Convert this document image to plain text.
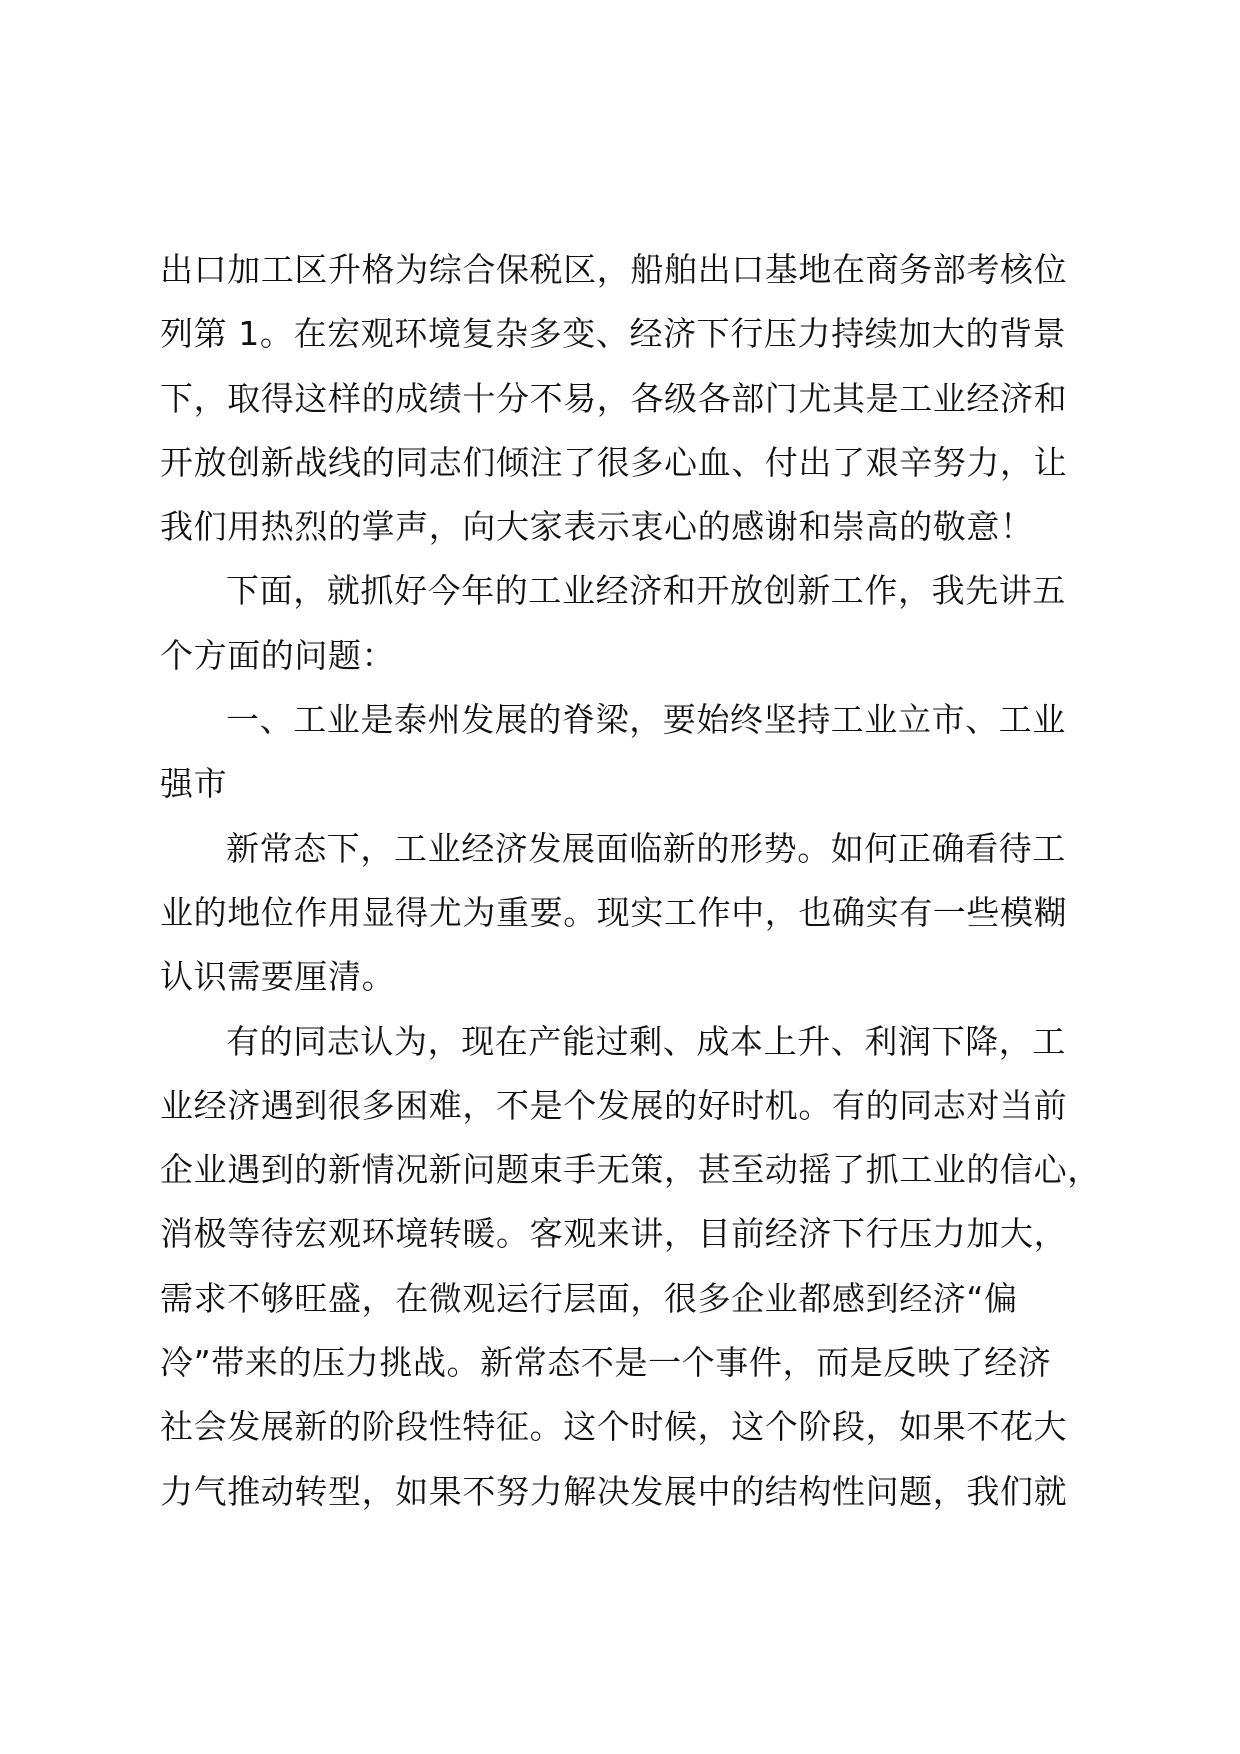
出口加工区升格为综合保税区，船舶出口基地在商务部考核位
列第 1。在宏观环境复杂多变、经济下行压力持续加大的背景
下，取得这样的成绩十分不易，各级各部门尤其是工业经济和
开放创新战线的同志们倾注了很多心血、付出了艰辛努力，让
我们用热烈的掌声，向大家表示衷心的感谢和崇高的敬意！
下面，就抓好今年的工业经济和开放创新工作，我先讲五
个方面的问题：
一、工业是泰州发展的脊梁，要始终坚持工业立市、工业
强市
新常态下，工业经济发展面临新的形势。如何正确看待工
业的地位作用显得尤为重要。现实工作中，也确实有一些模糊
认识需要厘清。
有的同志认为，现在产能过剩、成本上升、利润下降，工
业经济遇到很多困难，不是个发展的好时机。有的同志对当前
企业遇到的新情况新问题束手无策，甚至动摇了抓工业的信心，
消极等待宏观环境转暖。客观来讲，目前经济下行压力加大，
需求不够旺盛，在微观运行层面，很多企业都感到经济“偏
冷”带来的压力挑战。新常态不是一个事件，而是反映了经济
社会发展新的阶段性特征。这个时候，这个阶段，如果不花大
力气推动转型，如果不努力解决发展中的结构性问题，我们就
